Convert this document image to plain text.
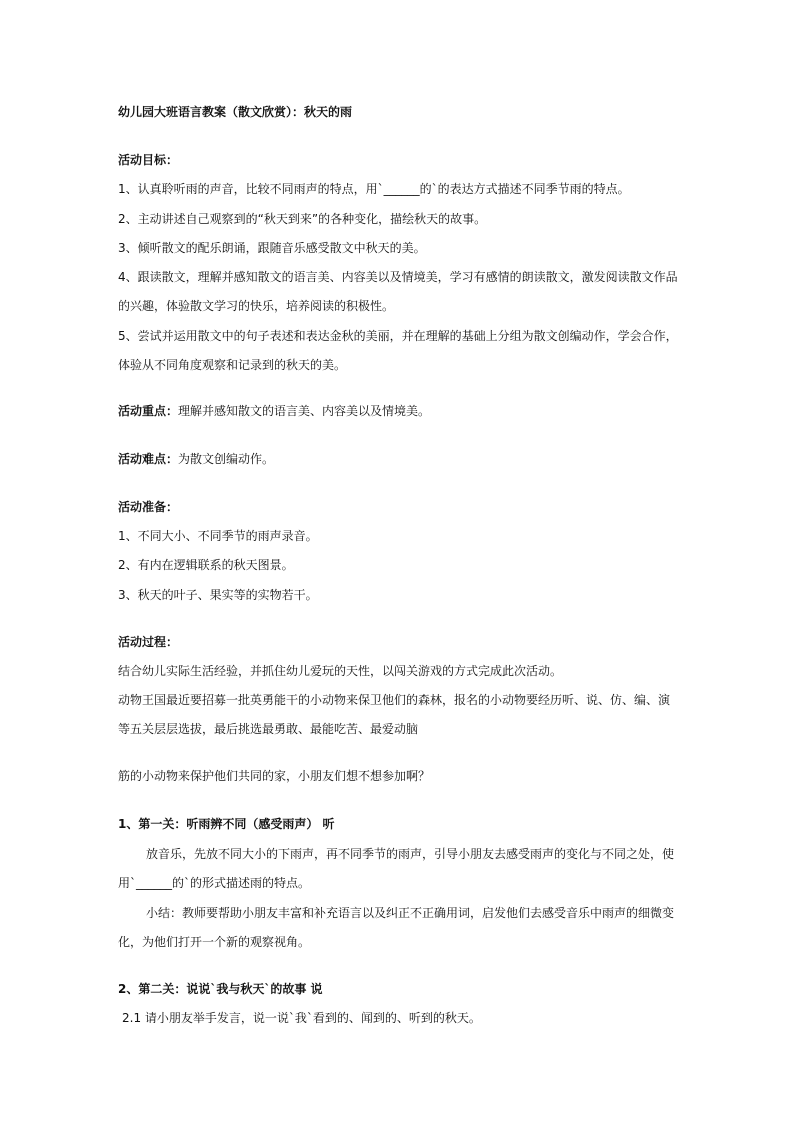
幼儿园大班语言教案（散文欣赏）：秋天的雨
活动目标：
1、认真聆听雨的声音，比较不同雨声的特点，用`______的`的表达方式描述不同季节雨的特点。
2、主动讲述自己观察到的“秋天到来”的各种变化，描绘秋天的故事。
3、倾听散文的配乐朗诵，跟随音乐感受散文中秋天的美。
4、跟读散文，理解并感知散文的语言美、内容美以及情境美，学习有感情的朗读散文，激发阅读散文作品
的兴趣，体验散文学习的快乐，培养阅读的积极性。
5、尝试并运用散文中的句子表述和表达金秋的美丽，并在理解的基础上分组为散文创编动作，学会合作，
体验从不同角度观察和记录到的秋天的美。
活动重点：理解并感知散文的语言美、内容美以及情境美。
活动难点：为散文创编动作。
活动准备：
1、不同大小、不同季节的雨声录音。
2、有内在逻辑联系的秋天图景。
3、秋天的叶子、果实等的实物若干。
活动过程：
结合幼儿实际生活经验，并抓住幼儿爱玩的天性，以闯关游戏的方式完成此次活动。
动物王国最近要招募一批英勇能干的小动物来保卫他们的森林，报名的小动物要经历听、说、仿、编、演
等五关层层选拔，最后挑选最勇敢、最能吃苦、最爱动脑
筋的小动物来保护他们共同的家，小朋友们想不想参加啊？
1、第一关：听雨辨不同（感受雨声） 听
放音乐，先放不同大小的下雨声，再不同季节的雨声，引导小朋友去感受雨声的变化与不同之处，使
用`______的`的形式描述雨的特点。
小结：教师要帮助小朋友丰富和补充语言以及纠正不正确用词，启发他们去感受音乐中雨声的细微变
化，为他们打开一个新的观察视角。
2、第二关：说说`我与秋天`的故事 说
2.1 请小朋友举手发言，说一说`我`看到的、闻到的、听到的秋天。
